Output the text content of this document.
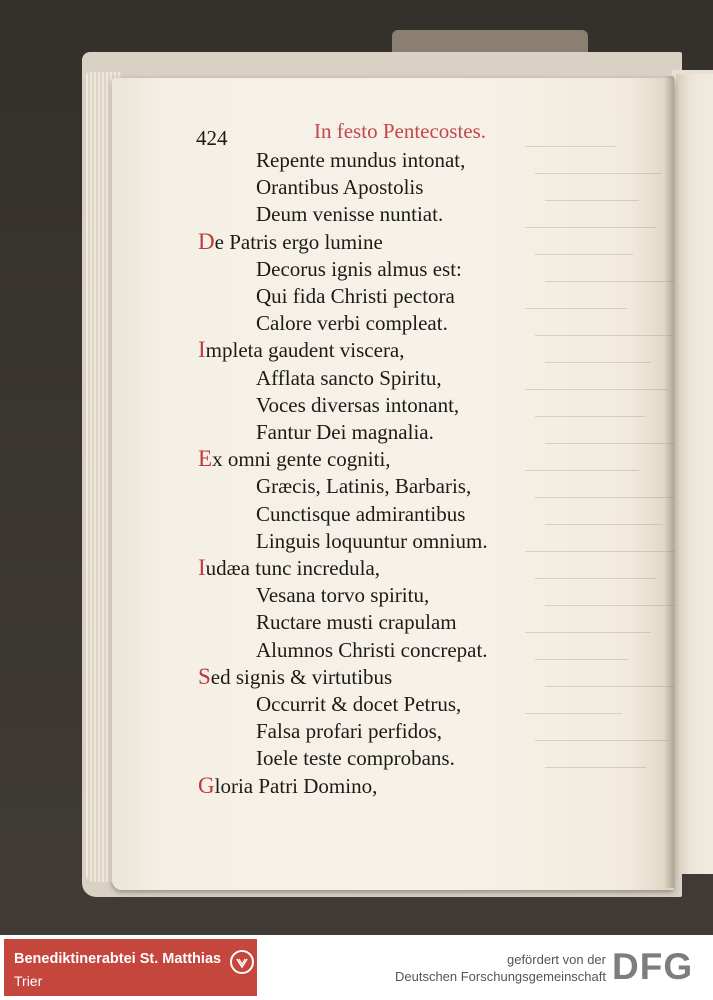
424	In festo Pentecostes.
Repente mundus intonat,
Orantibus Apostolis
Deum venisse nuntiat.
De Patris ergo lumine
Decorus ignis almus est:
Qui fida Christi pectora
Calore verbi compleat.
Impleta gaudent viscera,
Afflata sancto Spiritu,
Voces diversas intonant,
Fantur Dei magnalia.
Ex omni gente cogniti,
Græcis, Latinis, Barbaris,
Cunctisque admirantibus
Linguis loquuntur omnium.
Iudæa tunc incredula,
Vesana torvo spiritu,
Ructare musti crapulam
Alumnos Christi concrepat.
Sed signis & virtutibus
Occurrit & docet Petrus,
Falsa profari perfidos,
Ioele teste comprobans.
Gloria Patri Domino,
Benediktinerabtei St. Matthias
Trier
gefördert von der
Deutschen Forschungsgemeinschaft DFG
